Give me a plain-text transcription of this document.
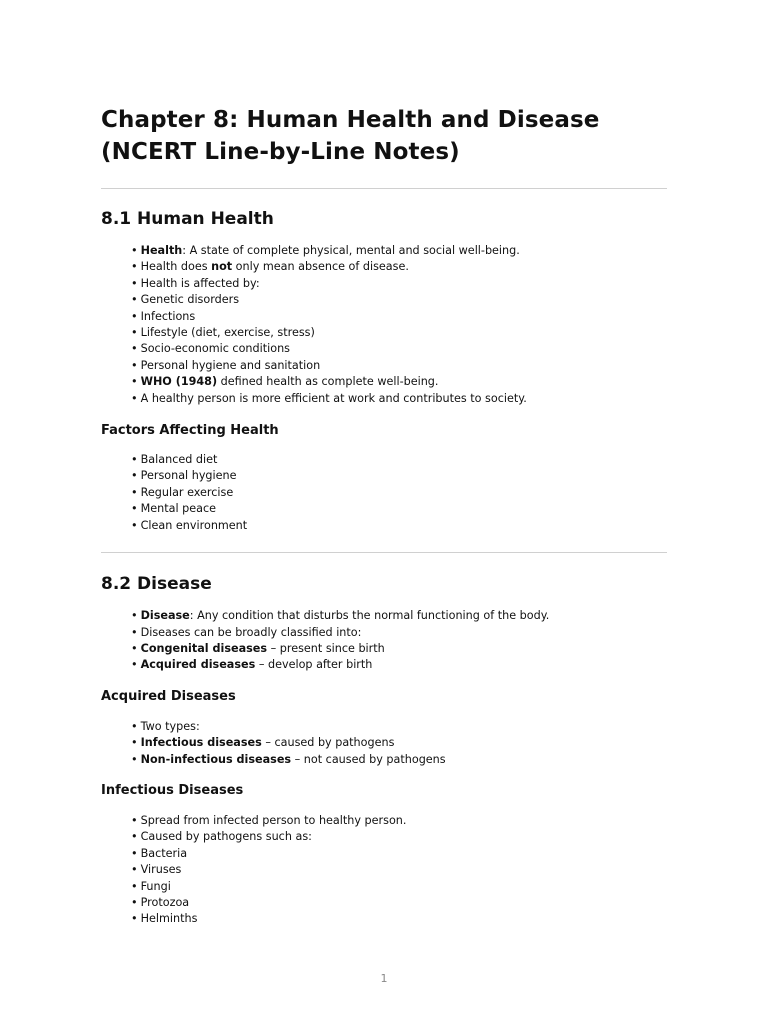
Chapter 8: Human Health and Disease (NCERT Line-by-Line Notes)
8.1 Human Health
• Health: A state of complete physical, mental and social well-being.
• Health does not only mean absence of disease.
• Health is affected by:
• Genetic disorders
• Infections
• Lifestyle (diet, exercise, stress)
• Socio-economic conditions
• Personal hygiene and sanitation
• WHO (1948) defined health as complete well-being.
• A healthy person is more efficient at work and contributes to society.
Factors Affecting Health
• Balanced diet
• Personal hygiene
• Regular exercise
• Mental peace
• Clean environment
8.2 Disease
• Disease: Any condition that disturbs the normal functioning of the body.
• Diseases can be broadly classified into:
• Congenital diseases – present since birth
• Acquired diseases – develop after birth
Acquired Diseases
• Two types:
• Infectious diseases – caused by pathogens
• Non-infectious diseases – not caused by pathogens
Infectious Diseases
• Spread from infected person to healthy person.
• Caused by pathogens such as:
• Bacteria
• Viruses
• Fungi
• Protozoa
• Helminths
1
